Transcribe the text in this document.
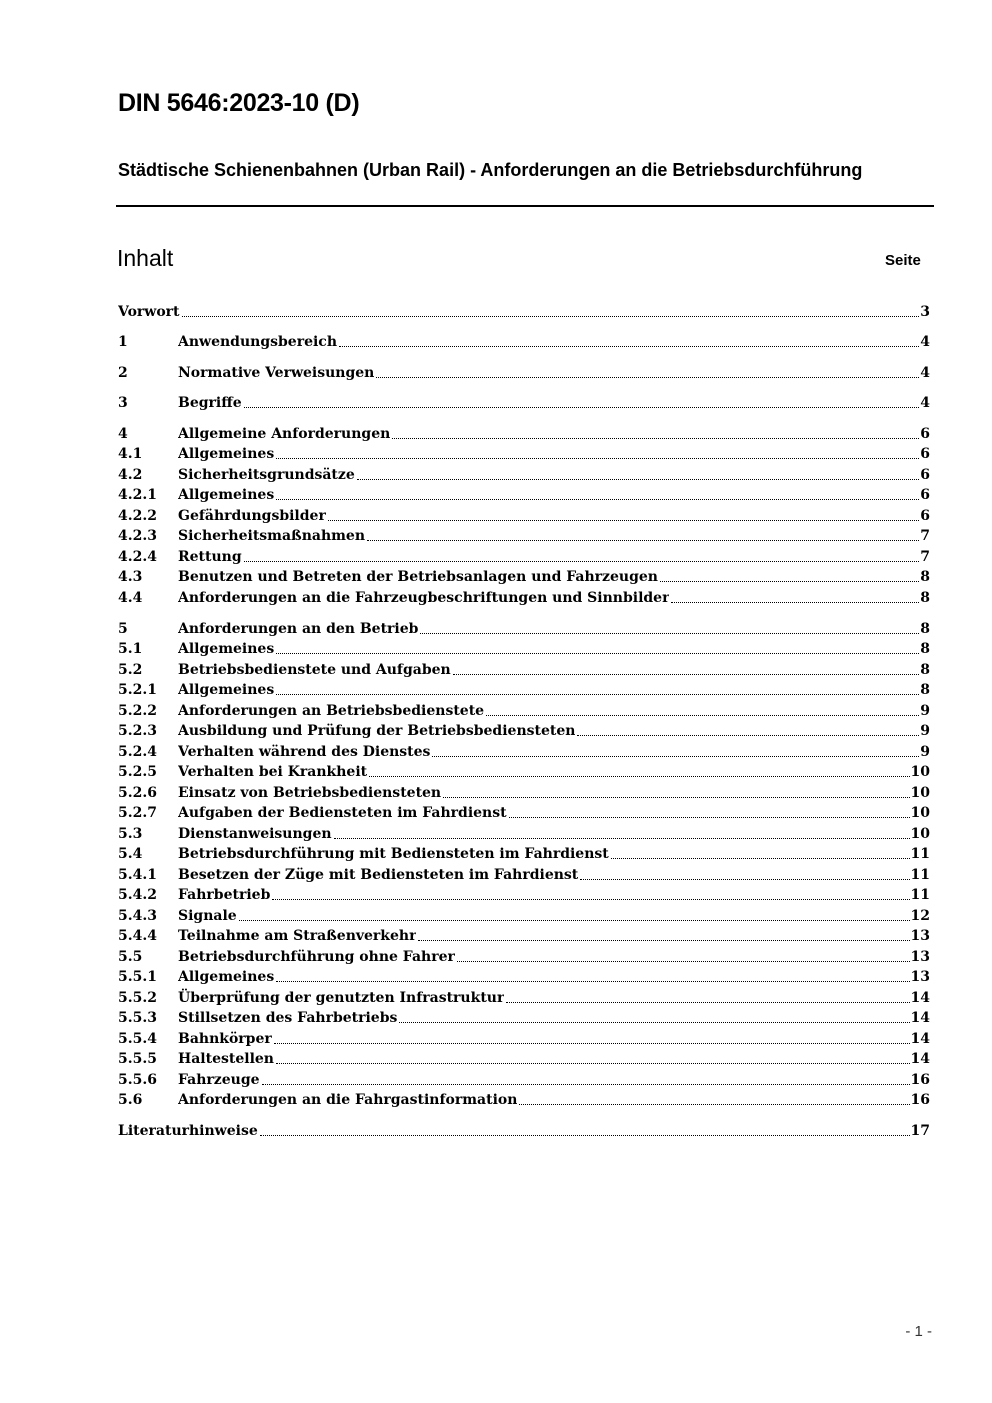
DIN 5646:2023-10 (D)
Städtische Schienenbahnen (Urban Rail) - Anforderungen an die Betriebsdurchführung
Inhalt	Seite
Vorwort	3
1	Anwendungsbereich	4
2	Normative Verweisungen	4
3	Begriffe	4
4	Allgemeine Anforderungen	6
4.1	Allgemeines	6
4.2	Sicherheitsgrundsätze	6
4.2.1	Allgemeines	6
4.2.2	Gefährdungsbilder	6
4.2.3	Sicherheitsmaßnahmen	7
4.2.4	Rettung	7
4.3	Benutzen und Betreten der Betriebsanlagen und Fahrzeugen	8
4.4	Anforderungen an die Fahrzeugbeschriftungen und Sinnbilder	8
5	Anforderungen an den Betrieb	8
5.1	Allgemeines	8
5.2	Betriebsbedienstete und Aufgaben	8
5.2.1	Allgemeines	8
5.2.2	Anforderungen an Betriebsbedienstete	9
5.2.3	Ausbildung und Prüfung der Betriebsbediensteten	9
5.2.4	Verhalten während des Dienstes	9
5.2.5	Verhalten bei Krankheit	10
5.2.6	Einsatz von Betriebsbediensteten	10
5.2.7	Aufgaben der Bediensteten im Fahrdienst	10
5.3	Dienstanweisungen	10
5.4	Betriebsdurchführung mit Bediensteten im Fahrdienst	11
5.4.1	Besetzen der Züge mit Bediensteten im Fahrdienst	11
5.4.2	Fahrbetrieb	11
5.4.3	Signale	12
5.4.4	Teilnahme am Straßenverkehr	13
5.5	Betriebsdurchführung ohne Fahrer	13
5.5.1	Allgemeines	13
5.5.2	Überprüfung der genutzten Infrastruktur	14
5.5.3	Stillsetzen des Fahrbetriebs	14
5.5.4	Bahnkörper	14
5.5.5	Haltestellen	14
5.5.6	Fahrzeuge	16
5.6	Anforderungen an die Fahrgastinformation	16
Literaturhinweise	17
- 1 -
